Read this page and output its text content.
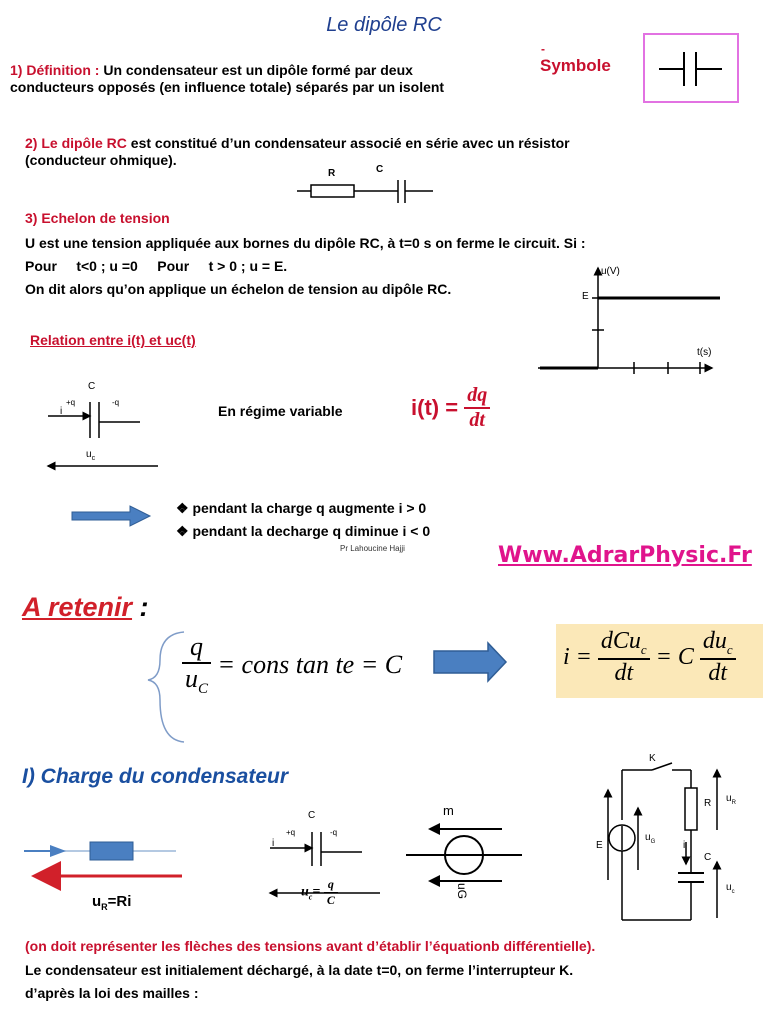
Le dipôle RC
1) Définition : Un condensateur est un dipôle formé par deux
conducteurs opposés (en influence totale) séparés par un isolent
-
Symbole
2) Le dipôle RC est constitué d’un condensateur associé en série avec un résistor
(conducteur ohmique).
R	C
3) Echelon de tension
U est une tension appliquée aux bornes du dipôle RC, à t=0 s on ferme le circuit. Si :
Pour     t<0 ; u =0     Pour     t > 0 ; u = E.
On dit alors qu’on applique un échelon de tension au dipôle RC.
u(V)
t(s)
E
Relation entre i(t) et uc(t)
C
+q	-q
i
$u_c$
En régime variable	$i(t) = \frac{dq}{dt}$
❖ pendant la charge q augmente i > 0
❖ pendant la decharge q diminue i < 0
Pr Lahoucine Hajji	Www.AdrarPhysic.Fr
A retenir :
$\frac{q}{u_C}$ = cons tan te = C	$i = \frac{dCu_c}{dt} = C \frac{du_c}{dt}$
I) Charge du condensateur
$u_R=Ri$
C
+q	-q
i
$u_c= \frac{q}{C}$
m
uG
K
R $u_R$
E
$u_G$	i
C
$u_c$
(on doit représenter les flèches des tensions avant d’établir l’équationb différentielle).
Le condensateur est initialement déchargé, à la date t=0, on ferme l’interrupteur K.
d’après la loi des mailles :
